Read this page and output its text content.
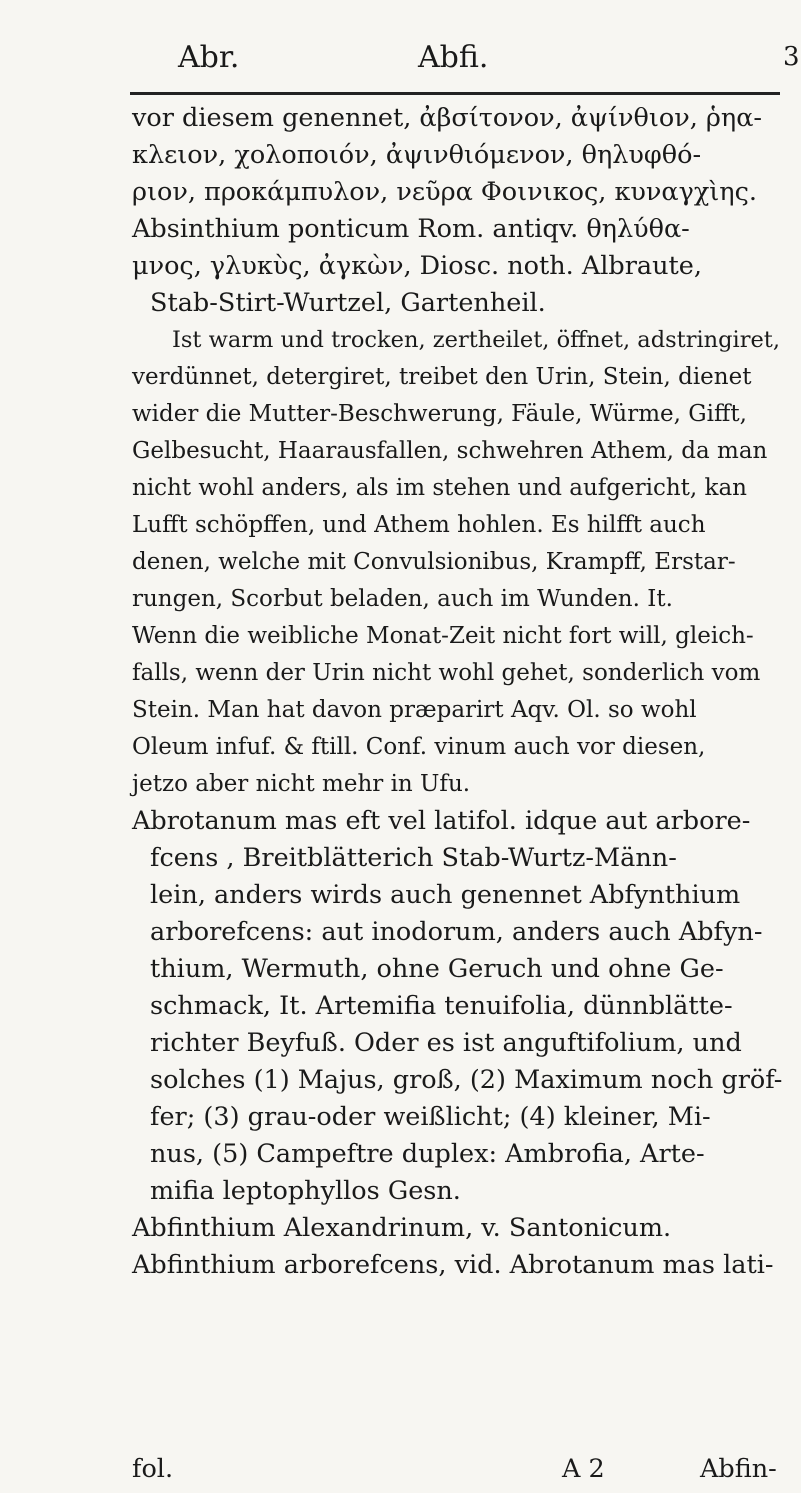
Abr.	Abfi.	3
vor diesem genennet, ἀβσίτονον, ἀψίνθιον, ῥηα-
κλειον, χολοποιόν, ἀψινθιόμενον, θηλυφθό-
ριον, προκάμπυλον, νεῦρα Φοινικος, κυναγχὶης.
Absinthium ponticum Rom. antiqv. θηλύθα-
μνος, γλυκὺς, ἀγκὼν, Diosc. noth. Albraute,
Stab-Stirt-Wurtzel, Gartenheil.
Ist warm und trocken, zertheilet, öffnet, adstringiret,
verdünnet, detergiret, treibet den Urin, Stein, dienet
wider die Mutter-Beschwerung, Fäule, Würme, Gifft,
Gelbesucht, Haarausfallen, schwehren Athem, da man
nicht wohl anders, als im stehen und aufgericht, kan
Lufft schöpffen, und Athem hohlen. Es hilfft auch
denen, welche mit Convulsionibus, Krampff, Erstar-
rungen, Scorbut beladen, auch im Wunden. It.
Wenn die weibliche Monat-Zeit nicht fort will, gleich-
falls, wenn der Urin nicht wohl gehet, sonderlich vom
Stein. Man hat davon præparirt Aqv. Ol. so wohl
Oleum infuf. & ftill. Conf. vinum auch vor diesen,
jetzo aber nicht mehr in Ufu.
Abrotanum mas eft vel latifol. idque aut arbore-
fcens , Breitblätterich Stab-Wurtz-Männ-
lein, anders wirds auch genennet Abfynthium
arborefcens: aut inodorum, anders auch Abfyn-
thium, Wermuth, ohne Geruch und ohne Ge-
schmack, It. Artemifia tenuifolia, dünnblätte-
richter Beyfuß. Oder es ist anguftifolium, und
solches (1) Majus, groß, (2) Maximum noch gröf-
fer; (3) grau-oder weißlicht; (4) kleiner, Mi-
nus, (5) Campeftre duplex: Ambrofia, Arte-
mifia leptophyllos Gesn.
Abfinthium Alexandrinum, v. Santonicum.
Abfinthium arborefcens, vid. Abrotanum mas lati-
fol.	A 2	Abfin-
